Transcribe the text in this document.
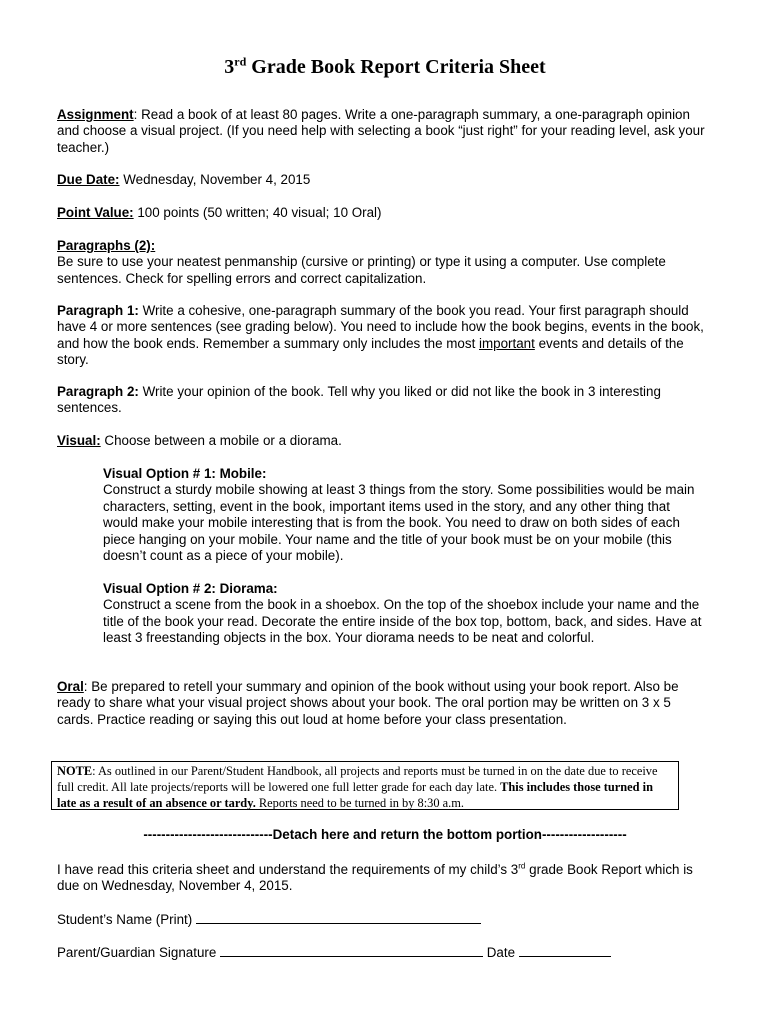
3rd Grade Book Report Criteria Sheet
Assignment: Read a book of at least 80 pages. Write a one-paragraph summary, a one-paragraph opinion and choose a visual project. (If you need help with selecting a book “just right” for your reading level, ask your teacher.)
Due Date: Wednesday, November 4, 2015
Point Value: 100 points (50 written; 40 visual; 10 Oral)
Paragraphs (2):
Be sure to use your neatest penmanship (cursive or printing) or type it using a computer. Use complete sentences. Check for spelling errors and correct capitalization.
Paragraph 1: Write a cohesive, one-paragraph summary of the book you read. Your first paragraph should have 4 or more sentences (see grading below). You need to include how the book begins, events in the book, and how the book ends. Remember a summary only includes the most important events and details of the story.
Paragraph 2: Write your opinion of the book. Tell why you liked or did not like the book in 3 interesting sentences.
Visual: Choose between a mobile or a diorama.
Visual Option # 1: Mobile:
Construct a sturdy mobile showing at least 3 things from the story. Some possibilities would be main characters, setting, event in the book, important items used in the story, and any other thing that would make your mobile interesting that is from the book. You need to draw on both sides of each piece hanging on your mobile. Your name and the title of your book must be on your mobile (this doesn’t count as a piece of your mobile).
Visual Option # 2: Diorama:
Construct a scene from the book in a shoebox. On the top of the shoebox include your name and the title of the book your read. Decorate the entire inside of the box top, bottom, back, and sides. Have at least 3 freestanding objects in the box. Your diorama needs to be neat and colorful.
Oral: Be prepared to retell your summary and opinion of the book without using your book report. Also be ready to share what your visual project shows about your book. The oral portion may be written on 3 x 5 cards. Practice reading or saying this out loud at home before your class presentation.
NOTE: As outlined in our Parent/Student Handbook, all projects and reports must be turned in on the date due to receive full credit. All late projects/reports will be lowered one full letter grade for each day late. This includes those turned in late as a result of an absence or tardy. Reports need to be turned in by 8:30 a.m.
-----------------------------Detach here and return the bottom portion-------------------
I have read this criteria sheet and understand the requirements of my child’s 3rd grade Book Report which is due on Wednesday, November 4, 2015.
Student’s Name (Print)
Parent/Guardian Signature	Date
